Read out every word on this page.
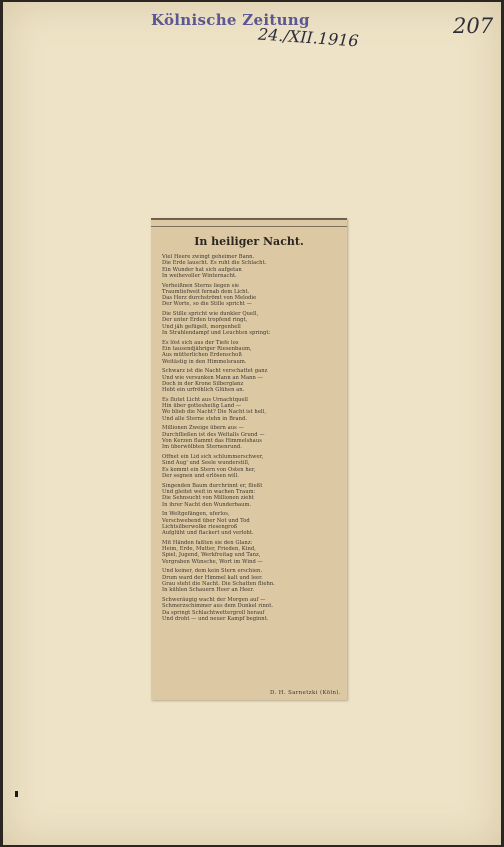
Kölnische Zeitung
24./XII.1916	207
In heiliger Nacht.
Viel Heere zwingt geheimer Bann.
Die Erde lauscht. Es ruht die Schlacht.
Ein Wunder hat sich aufgetan
In weihevoller Winternacht.
Verheißnen Sterns liegen sie
Traumtiefweit fernab dem Licht.
Das Herz durchströmt von Melodie
Der Worte, so die Stille spricht —
Die Stille spricht wie dunkler Quell,
Der unter Erden tropfend ringt,
Und jäh gefügelt, morgenhell
In Strahlendampf und Leuchten springt:
Es löst sich aus der Tiefe los
Ein tausendjähriger Riesenbaum,
Aus mütterlichen Erdenschoß
Weitästig in den Himmelsraum.
Schwarz ist die Nacht verschattet ganz
Und wie versunken Mann an Mann —
Doch in der Krone Silberglanz
Hebt ein urfröhlich Glühen an.
Es flutet Licht aus Urnachtquell
Hin über gottesheilig Land —
Wo blieb die Nacht? Die Nacht ist hell,
Und alle Sterne stehn in Brand.
Millionen Zweige übern aus —
Durchfließen ist des Weltalls Grund —
Von Kerzen flammt das Himmelshaus
Im überwölbten Sternenrund.
Offnet ein Lid sich schlummerschwer,
Sind Aug' und Seele wunderstill,
Es kommt ein Stern von Osten her,
Der segnen und erlösen will.
Singenden Baum durchrinnt er, fließt
Und gleitet weit in wachen Traum:
Die Sehnsucht von Millionen zieht
In ihrer Nacht den Wunderbaum.
In Weltgefängen, uferlos,
Verschwebend über Not und Tod
Lichtsilberwolke riesengroß
Aufglüht und flackert und verloht.
Mit Händen faßten sie den Glanz:
Heim, Erde, Mutter, Frieden, Kind,
Spiel, Jugend, Werkfreitag und Tanz,
Vergraben Wünsche, Wort im Wind —
Und keiner, dem kein Stern erschien.
Drum ward der Himmel kalt und leer.
Grau steht die Nacht. Die Schatten fliehn.
In kühlen Schauern Heer an Heer.
Schweräugig wacht der Morgen auf —
Schmerzschimmer aus dem Dunkel rinnt.
Da springt Schlachtwettergroll herauf
Und droht — und neuer Kampf beginnt.
D. H. Sarnetzki (Köln).
